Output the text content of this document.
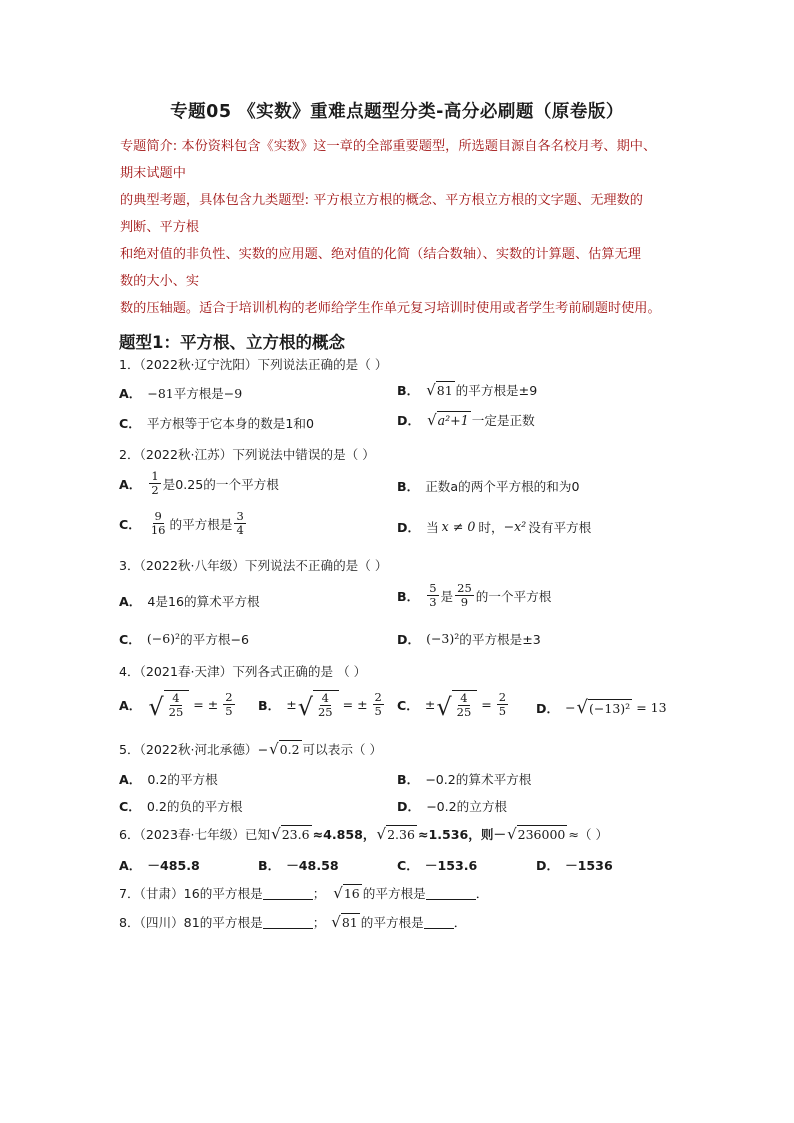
专题05 《实数》重难点题型分类-高分必刷题（原卷版）
专题简介: 本份资料包含《实数》这一章的全部重要题型，所选题目源自各名校月考、期中、
期末试题中
的典型考题，具体包含九类题型: 平方根立方根的概念、平方根立方根的文字题、无理数的
判断、平方根
和绝对值的非负性、实数的应用题、绝对值的化简（结合数轴）、实数的计算题、估算无理
数的大小、实
数的压轴题。适合于培训机构的老师给学生作单元复习培训时使用或者学生考前刷题时使用。
题型1：平方根、立方根的概念
1．（2022秋·辽宁沈阳）下列说法正确的是（ ）
A． −81平方根是−9	B． √ 81 的平方根是±9
C． 平方根等于它本身的数是1和0	D． √ a²+1 一定是正数
2．（2022秋·江苏）下列说法中错误的是（ ）
A． $\frac{1}{2}$ 是0.25的一个平方根	B． 正数a的两个平方根的和为0
C． $\frac{9}{16}$ 的平方根是 $\frac{3}{4}$	D． 当 x ≠ 0 时， −x² 没有平方根
3．（2022秋·八年级）下列说法不正确的是（ ）
A． 4是16的算术平方根	B． $\frac{5}{3}$ 是 $\frac{25}{9}$ 的一个平方根
C． (−6)² 的平方根−6	D． (−3)² 的平方根是±3
4．（2021春·天津）下列各式正确的是 （ ）
A． √ $\frac{4}{25}$ = ± $\frac{2}{5}$ B． ± √ $\frac{4}{25}$ = ± $\frac{2}{5}$ C． ± √ $\frac{4}{25} = \frac{2}{5}$ D． − √ (−13)² = 13
5．（2022秋·河北承德）− √ 0.2 可以表示（ ）
A． 0.2的平方根	B． −0.2的算术平方根
C． 0.2的负的平方根	D． −0.2的立方根
6．（2023春·七年级）已知 √ 23.6 ≈4.858， √ 2.36 ≈1.536，则－ √ 236000 ≈（ ）
A． －485.8	B． －48.58	C． －153.6	D． －1536
7．（甘肃）16的平方根是	； √ 16 的平方根是	．
8．（四川）81的平方根是	； √ 81 的平方根是 ．
